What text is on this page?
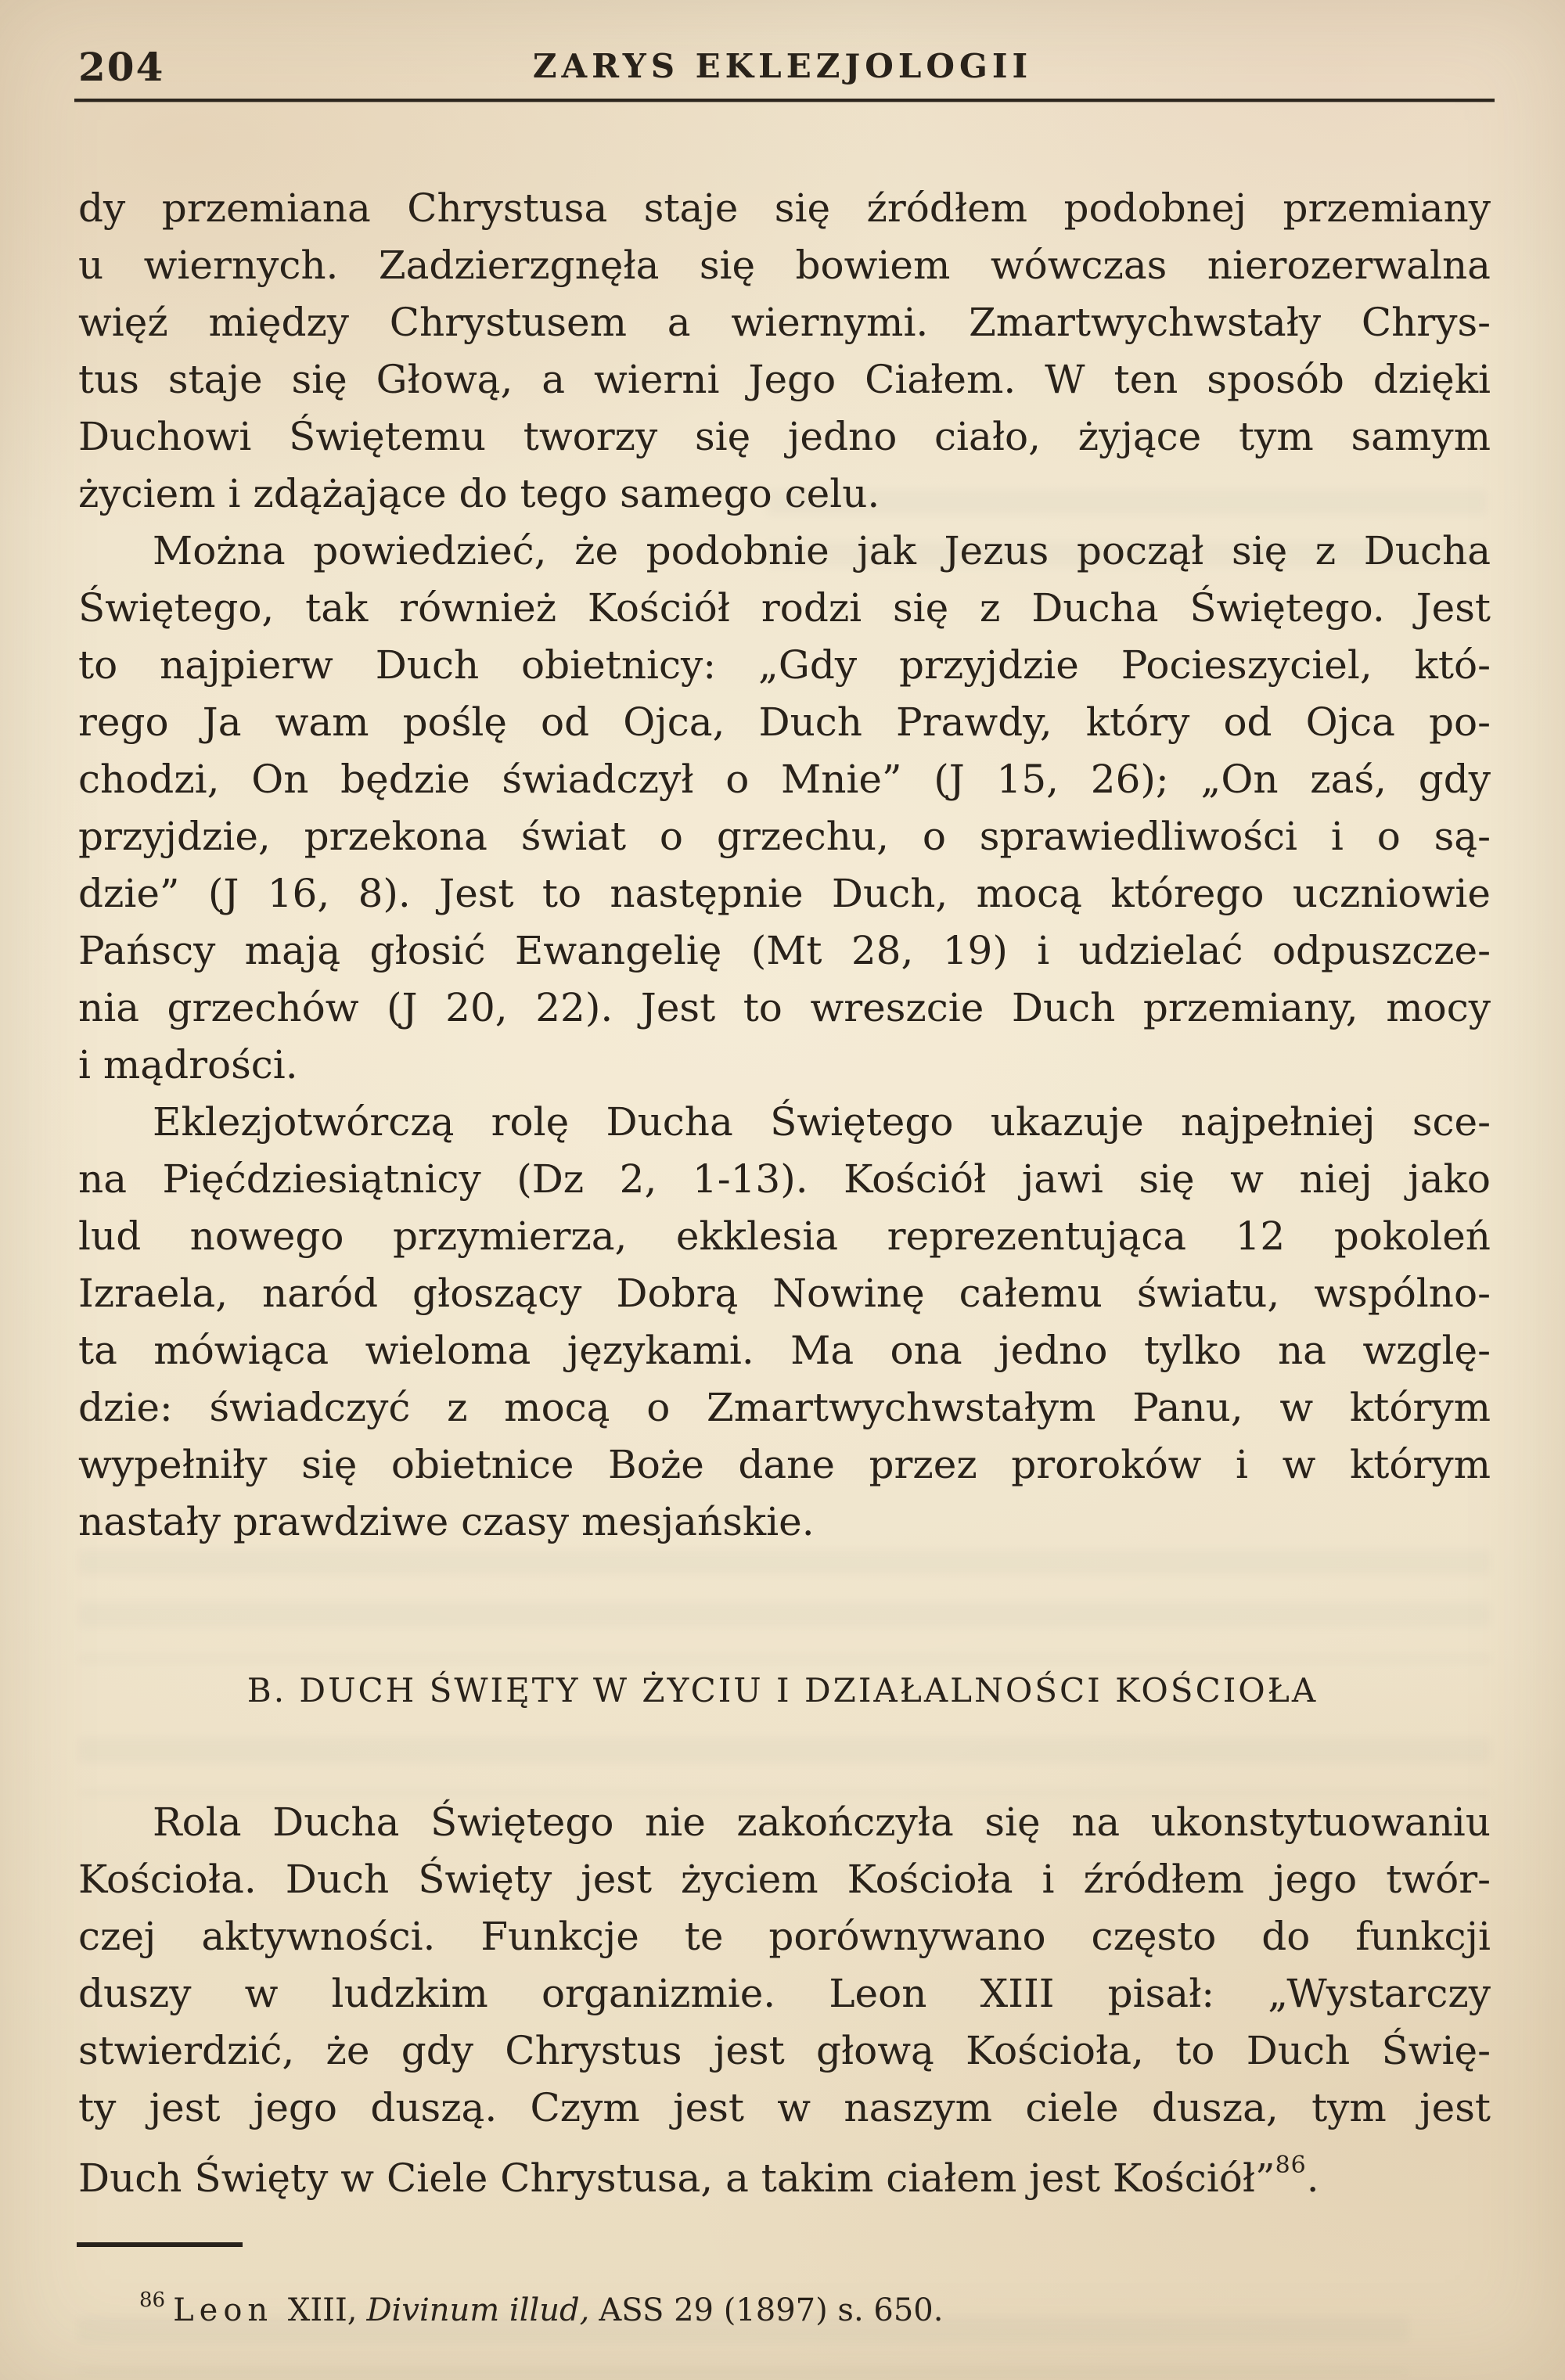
204	ZARYS EKLEZJOLOGII
dy przemiana Chrystusa staje się źródłem podobnej przemiany
u wiernych. Zadzierzgnęła się bowiem wówczas nierozerwalna
więź między Chrystusem a wiernymi. Zmartwychwstały Chrys-
tus staje się Głową, a wierni Jego Ciałem. W ten sposób dzięki
Duchowi Świętemu tworzy się jedno ciało, żyjące tym samym
życiem i zdążające do tego samego celu.
Można powiedzieć, że podobnie jak Jezus począł się z Ducha
Świętego, tak również Kościół rodzi się z Ducha Świętego. Jest
to najpierw Duch obietnicy: „Gdy przyjdzie Pocieszyciel, któ-
rego Ja wam poślę od Ojca, Duch Prawdy, który od Ojca po-
chodzi, On będzie świadczył o Mnie” (J 15, 26); „On zaś, gdy
przyjdzie, przekona świat o grzechu, o sprawiedliwości i o są-
dzie” (J 16, 8). Jest to następnie Duch, mocą którego uczniowie
Pańscy mają głosić Ewangelię (Mt 28, 19) i udzielać odpuszcze-
nia grzechów (J 20, 22). Jest to wreszcie Duch przemiany, mocy
i mądrości.
Eklezjotwórczą rolę Ducha Świętego ukazuje najpełniej sce-
na Pięćdziesiątnicy (Dz 2, 1-13). Kościół jawi się w niej jako
lud nowego przymierza, ekklesia reprezentująca 12 pokoleń
Izraela, naród głoszący Dobrą Nowinę całemu światu, wspólno-
ta mówiąca wieloma językami. Ma ona jedno tylko na wzglę-
dzie: świadczyć z mocą o Zmartwychwstałym Panu, w którym
wypełniły się obietnice Boże dane przez proroków i w którym
nastały prawdziwe czasy mesjańskie.
B. DUCH ŚWIĘTY W ŻYCIU I DZIAŁALNOŚCI KOŚCIOŁA
Rola Ducha Świętego nie zakończyła się na ukonstytuowaniu
Kościoła. Duch Święty jest życiem Kościoła i źródłem jego twór-
czej aktywności. Funkcje te porównywano często do funkcji
duszy w ludzkim organizmie. Leon XIII pisał: „Wystarczy
stwierdzić, że gdy Chrystus jest głową Kościoła, to Duch Świę-
ty jest jego duszą. Czym jest w naszym ciele dusza, tym jest
Duch Święty w Ciele Chrystusa, a takim ciałem jest Kościół”$^{86}$.
$^{86}$ Leon XIII, Divinum illud, ASS 29 (1897) s. 650.
